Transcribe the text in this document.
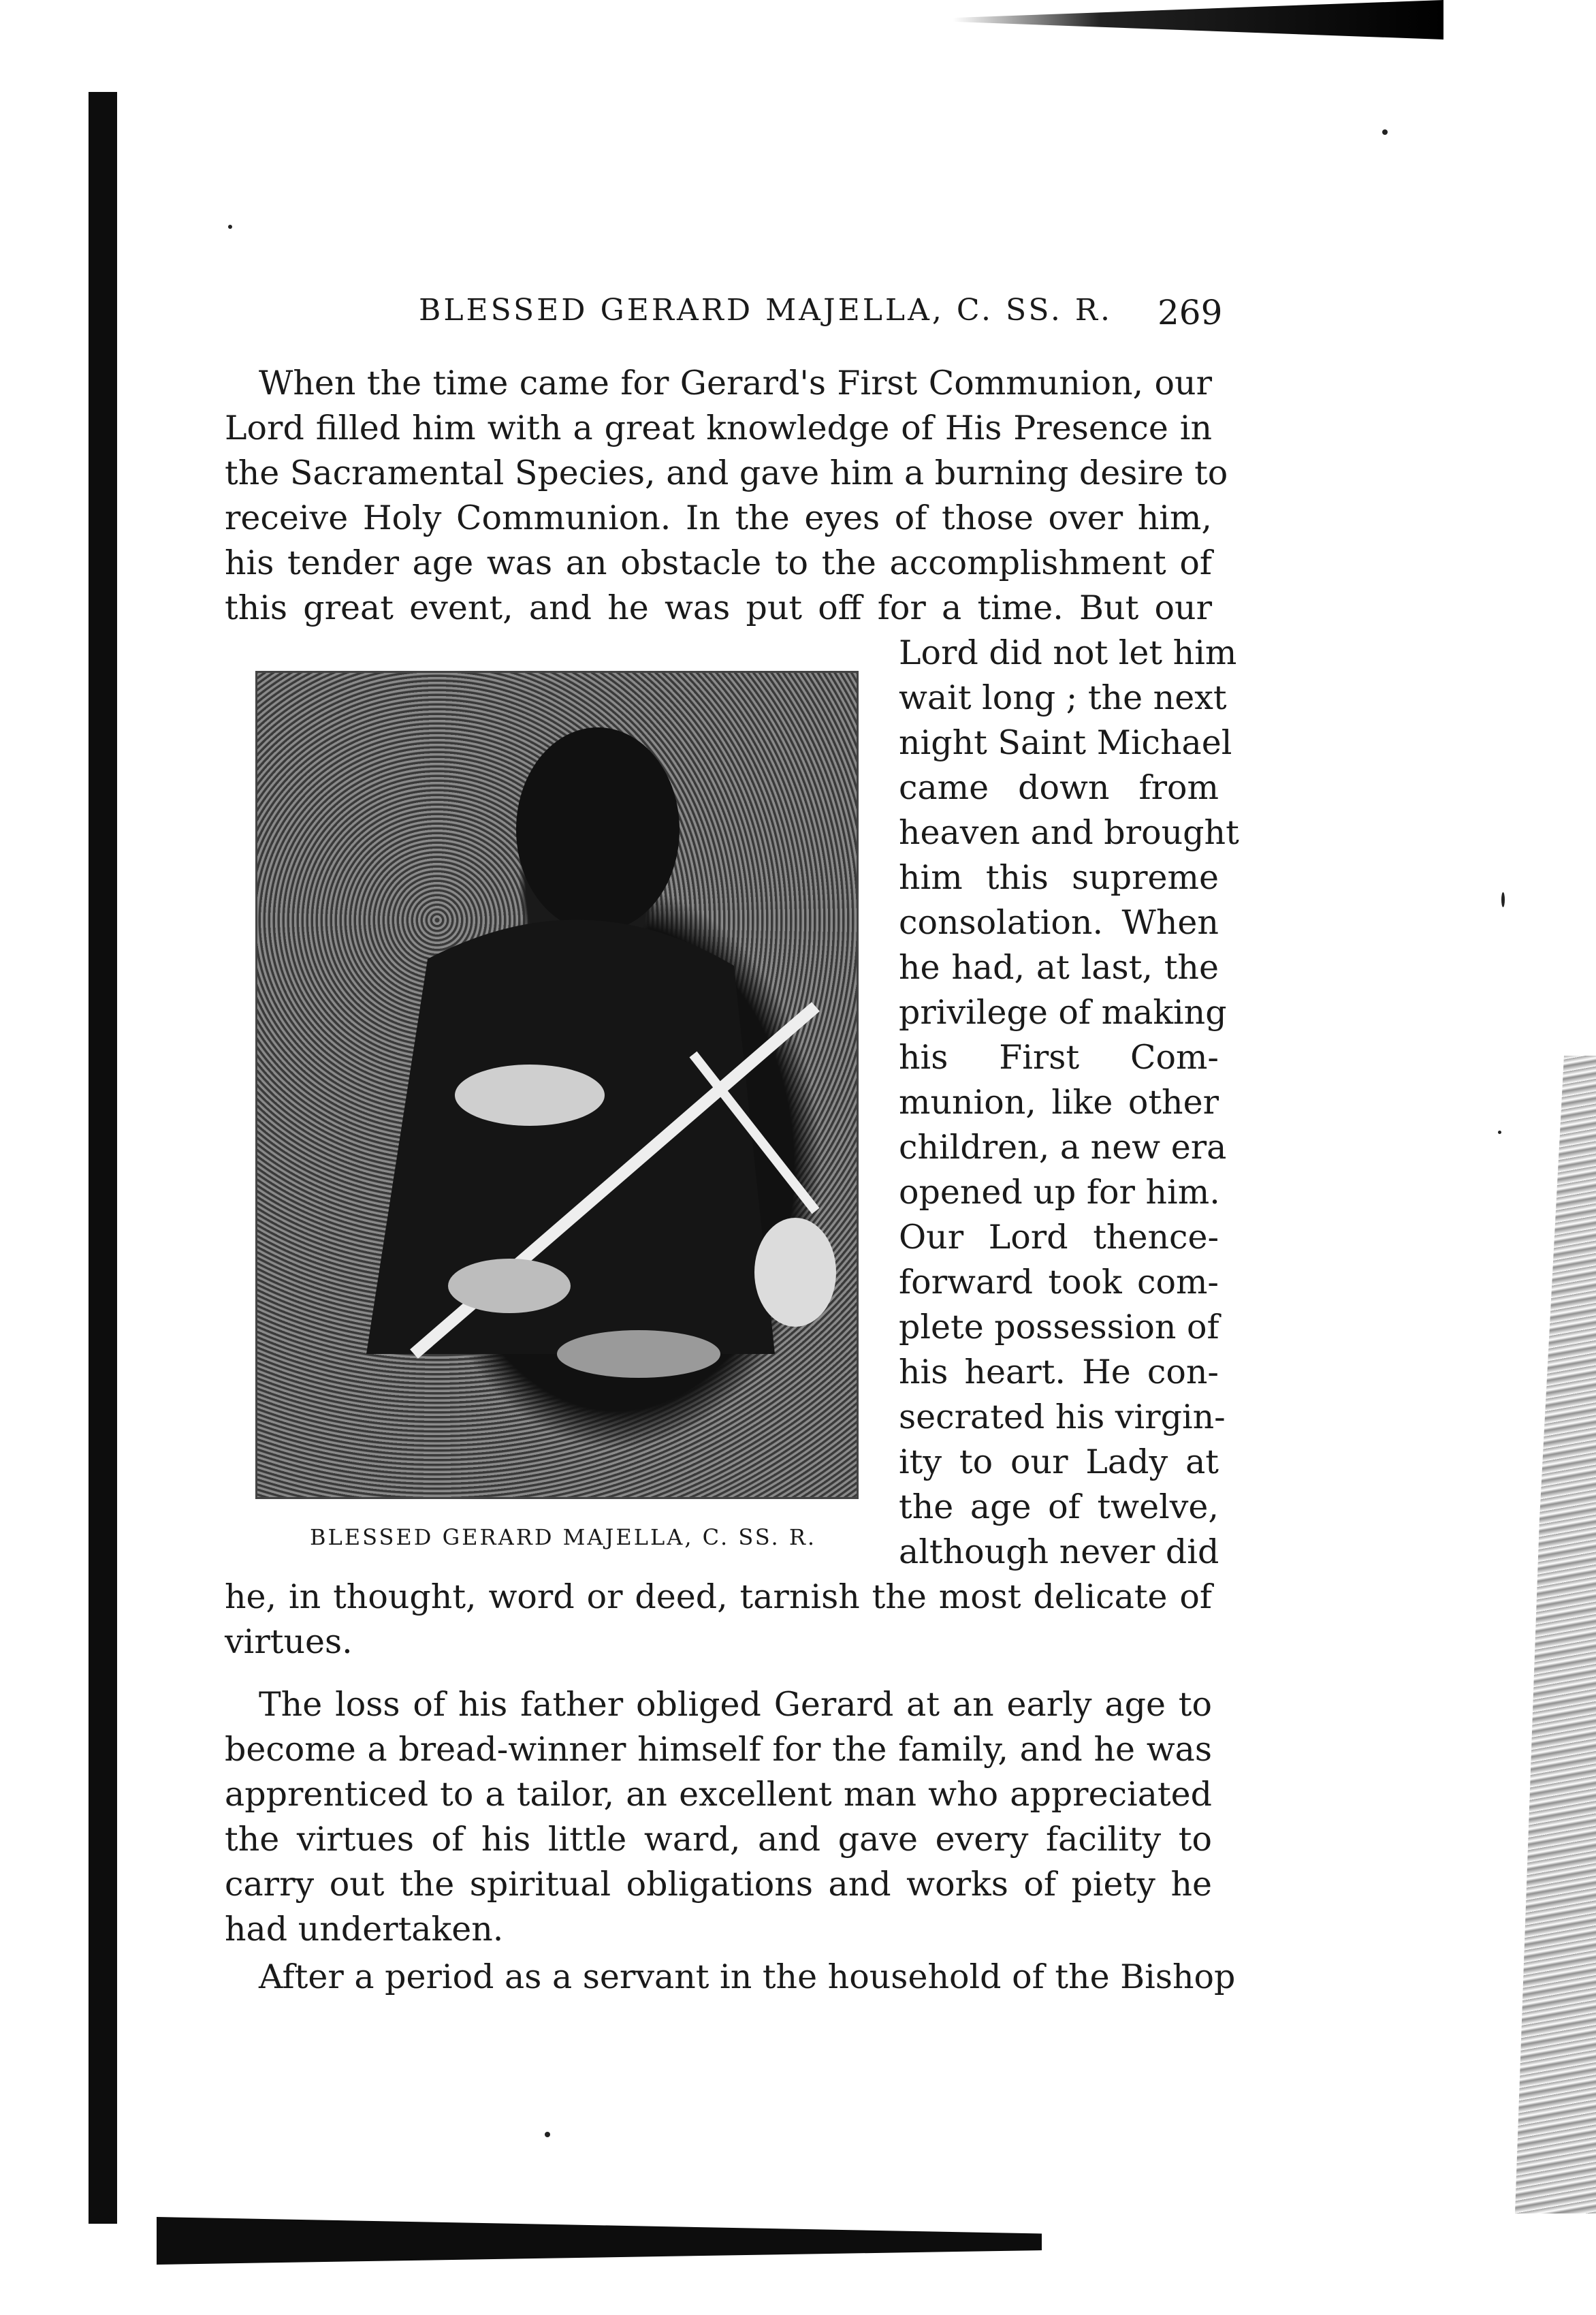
BLESSED GERARD MAJELLA, C. SS. R.	269
When the time came for Gerard's First Communion, our
Lord filled him with a great knowledge of His Presence in
the Sacramental Species, and gave him a burning desire to
receive Holy Communion. In the eyes of those over him,
his tender age was an obstacle to the accomplishment of
this great event, and he was put off for a time. But our
BLESSED GERARD MAJELLA, C. SS. R.
Lord did not let him
wait long ; the next
night Saint Michael
came down from
heaven and brought
him this supreme
consolation. When
he had, at last, the
privilege of making
his First Com-
munion, like other
children, a new era
opened up for him.
Our Lord thence-
forward took com-
plete possession of
his heart. He con-
secrated his virgin-
ity to our Lady at
the age of twelve,
although never did
he, in thought, word or deed, tarnish the most delicate of
virtues.
The loss of his father obliged Gerard at an early age to
become a bread-winner himself for the family, and he was
apprenticed to a tailor, an excellent man who appreciated
the virtues of his little ward, and gave every facility to
carry out the spiritual obligations and works of piety he
had undertaken.
After a period as a servant in the household of the Bishop
